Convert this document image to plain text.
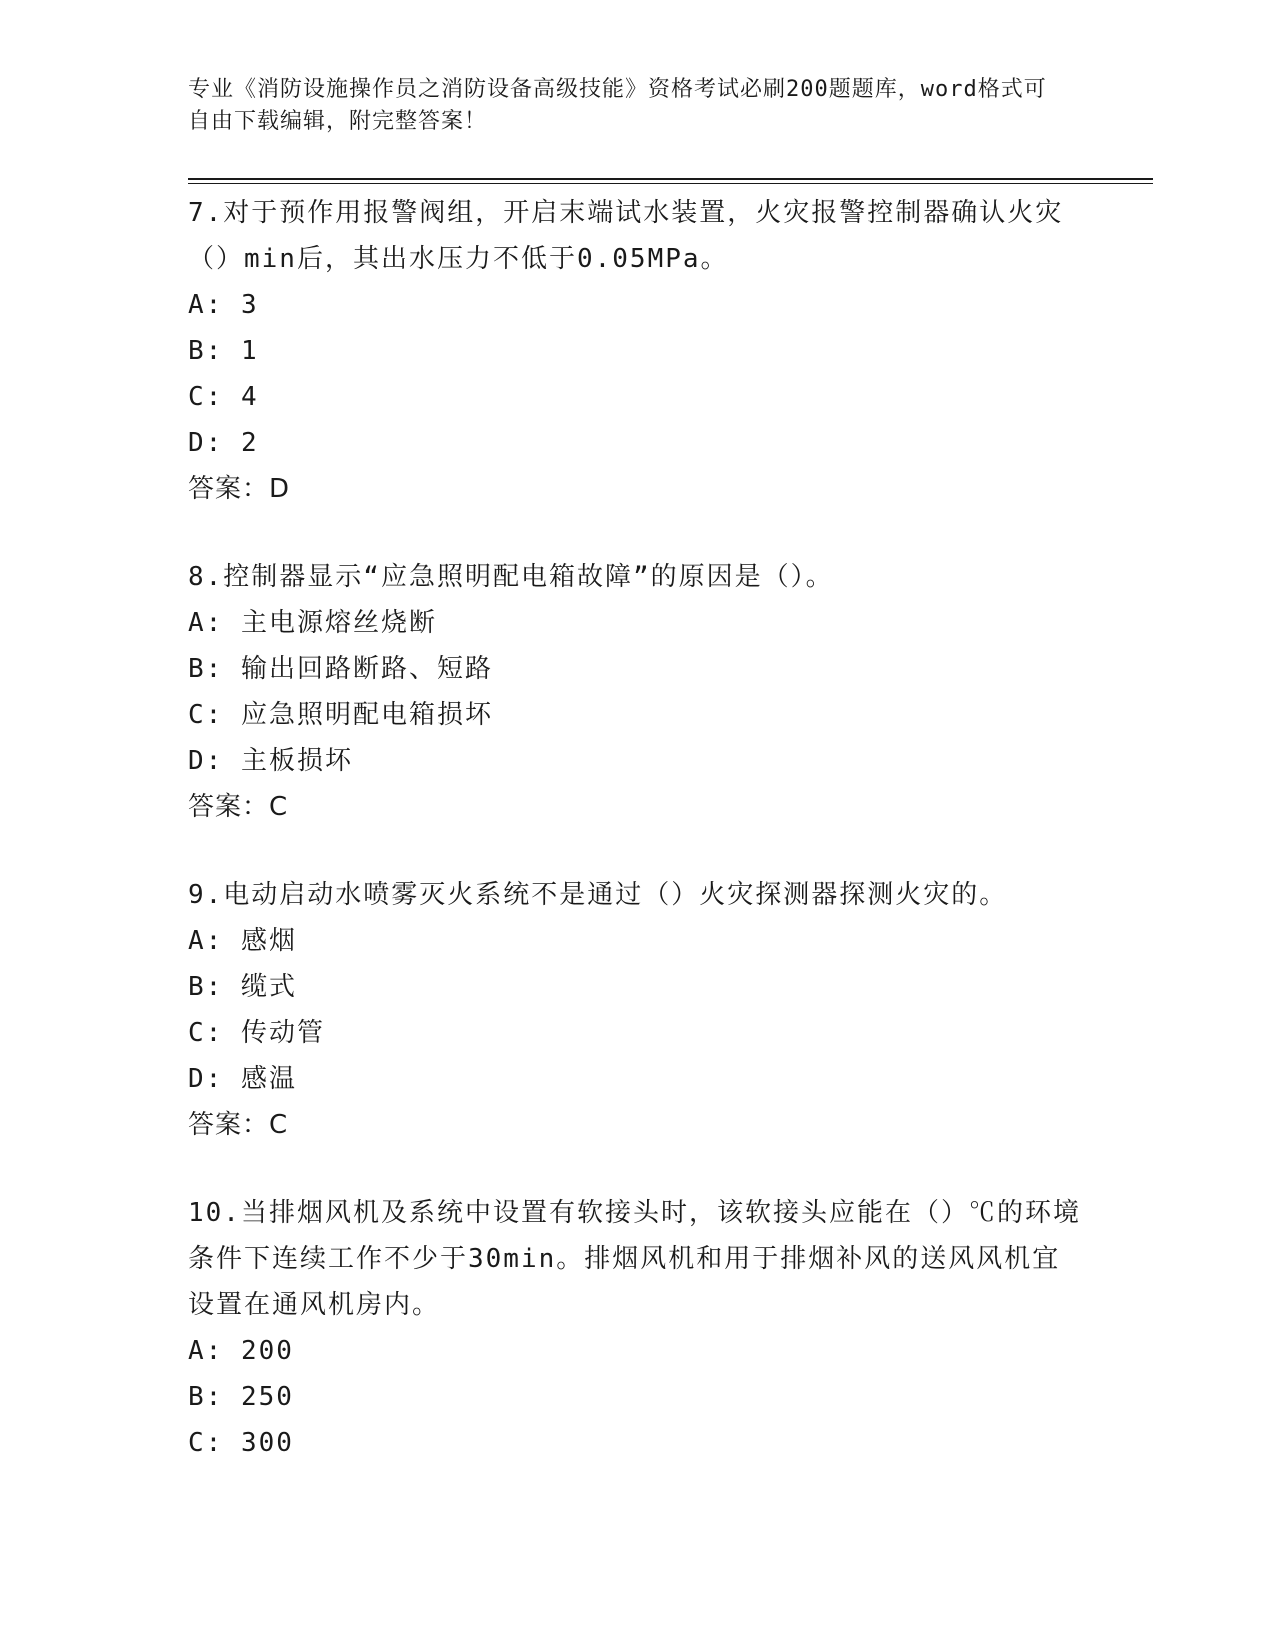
专业《消防设施操作员之消防设备高级技能》资格考试必刷200题题库，word格式可自由下载编辑，附完整答案！
7.对于预作用报警阀组，开启末端试水装置，火灾报警控制器确认火灾（）min后，其出水压力不低于0.05MPa。
A: 3
B: 1
C: 4
D: 2
答案：D
8.控制器显示“应急照明配电箱故障”的原因是（）。
A: 主电源熔丝烧断
B: 输出回路断路、短路
C: 应急照明配电箱损坏
D: 主板损坏
答案：C
9.电动启动水喷雾灭火系统不是通过（）火灾探测器探测火灾的。
A: 感烟
B: 缆式
C: 传动管
D: 感温
答案：C
10.当排烟风机及系统中设置有软接头时，该软接头应能在（）℃的环境条件下连续工作不少于30min。排烟风机和用于排烟补风的送风风机宜设置在通风机房内。
A: 200
B: 250
C: 300
